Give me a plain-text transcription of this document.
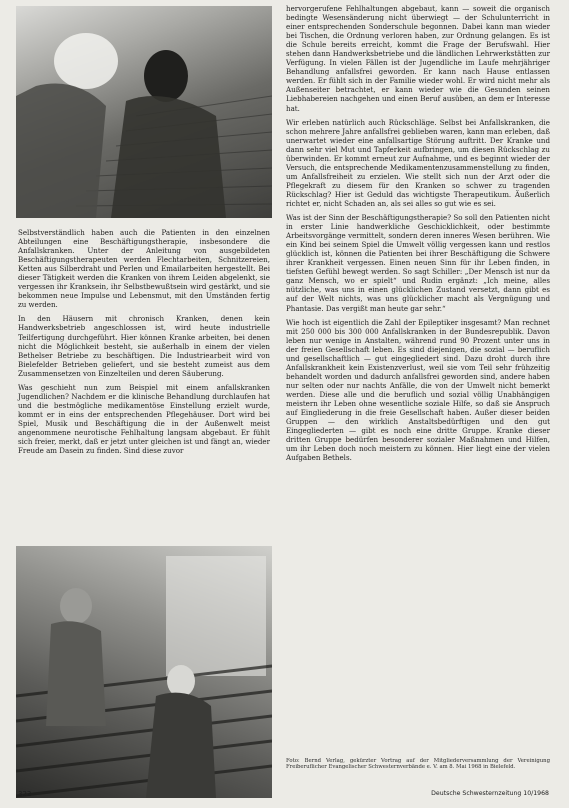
Selbstverständlich haben auch die Patienten in den einzelnen Abteilungen eine Beschäftigungstherapie, insbesondere die Anfallskranken. Unter der Anleitung von ausgebildeten Beschäftigungstherapeuten werden Flechtarbeiten, Schnitzereien, Ketten aus Silberdraht und Perlen und Emailarbeiten hergestellt. Bei dieser Tätigkeit werden die Kranken von ihrem Leiden abgelenkt, sie vergessen ihr Kranksein, ihr Selbstbewußtsein wird gestärkt, und sie bekommen neue Impulse und Lebensmut, mit den Umständen fertig zu werden.

In den Häusern mit chronisch Kranken, denen kein Handwerksbetrieb angeschlossen ist, wird heute industrielle Teilfertigung durchgeführt. Hier können Kranke arbeiten, bei denen nicht die Möglichkeit besteht, sie außerhalb in einem der vielen Bethelser Betriebe zu beschäftigen. Die Industriearbeit wird von Bielefelder Betrieben geliefert, und sie besteht zumeist aus dem Zusammensetzen von Einzelteilen und deren Säuberung.

Was geschieht nun zum Beispiel mit einem anfallskranken Jugendlichen? Nachdem er die klinische Behandlung durchlaufen hat und die bestmögliche medikamentöse Einstellung erzielt wurde, kommt er in eins der entsprechenden Pflegehäuser. Dort wird bei Spiel, Musik und Beschäftigung die in der Außenwelt meist angenommene neurotische Fehlhaltung langsam abgebaut. Er fühlt sich freier, merkt, daß er jetzt unter gleichen ist und fängt an, wieder Freude am Dasein zu finden. Sind diese zuvor

hervorgerufene Fehlhaltungen abgebaut, kann — soweit die organisch bedingte Wesensänderung nicht überwiegt — der Schulunterricht in einer entsprechenden Sonderschule begonnen. Dabei kann man wieder bei Tischen, die Ordnung verloren haben, zur Ordnung gelangen. Es ist die Schule bereits erreicht, kommt die Frage der Berufswahl. Hier stehen dann Handwerksbetriebe und die ländlichen Lehrwerkstätten zur Verfügung. In vielen Fällen ist der Jugendliche im Laufe mehrjähriger Behandlung anfallsfrei geworden. Er kann nach Hause entlassen werden. Er fühlt sich in der Familie wieder wohl. Er wird nicht mehr als Außenseiter betrachtet, er kann wieder wie die Gesunden seinen Liebhabereien nachgehen und einen Beruf ausüben, an dem er Interesse hat.

Wir erleben natürlich auch Rückschläge. Selbst bei Anfallskranken, die schon mehrere Jahre anfallsfrei geblieben waren, kann man erleben, daß unerwartet wieder eine anfallsartige Störung auftritt. Der Kranke und dann sehr viel Mut und Tapferkeit aufbringen, um diesen Rückschlag zu überwinden. Er kommt erneut zur Aufnahme, und es beginnt wieder der Versuch, die entsprechende Medikamentenzusammenstellung zu finden, um Anfallsfreiheit zu erzielen. Wie stellt sich nun der Arzt oder die Pflegekraft zu diesem für den Kranken so schwer zu tragenden Rückschlag? Hier ist Geduld das wichtigste Therapeutikum. Äußerlich richtet er, nicht Schaden an, als sei alles so gut wie es sei.

Was ist der Sinn der Beschäftigungstherapie? So soll den Patienten nicht in erster Linie handwerkliche Geschicklichkeit, oder bestimmte Arbeitsvorgänge vermittelt, sondern deren inneres Wesen berühren. Wie ein Kind bei seinem Spiel die Umwelt völlig vergessen kann und restlos glücklich ist, können die Patienten bei ihrer Beschäftigung die Schwere ihrer Krankheit vergessen. Einen neuen Sinn für ihr Leben finden, in tiefsten Gefühl bewegt werden. So sagt Schiller: „Der Mensch ist nur da ganz Mensch, wo er spielt“ und Rudin ergänzt: „Ich meine, alles nützliche, was uns in einen glücklichen Zustand versetzt, dann gibt es auf der Welt nichts, was uns glücklicher macht als Vergnügung und Phantasie. Das vergißt man heute gar sehr.“

Wie hoch ist eigentlich die Zahl der Epileptiker insgesamt? Man rechnet mit 250 000 bis 300 000 Anfallskranken in der Bundesrepublik. Davon leben nur wenige in Anstalten, während rund 90 Prozent unter uns in der freien Gesellschaft leben. Es sind diejenigen, die sozial — beruflich und gesellschaftlich — gut eingegliedert sind. Dazu droht durch ihre Anfallskrankheit kein Existenzverlust, weil sie vom Teil sehr frühzeitig behandelt worden und dadurch anfallsfrei geworden sind, andere haben nur selten oder nur nachts Anfälle, die von der Umwelt nicht bemerkt werden. Diese alle und die beruflich und sozial völlig Unabhängigen meistern ihr Leben ohne wesentliche soziale Hilfe, so daß sie Anspruch auf Eingliederung in die freie Gesellschaft haben. Außer dieser beiden Gruppen — den wirklich Anstaltsbedürftigen und den gut Eingegliederten — gibt es noch eine dritte Gruppe. Kranke dieser dritten Gruppe bedürfen besonderer sozialer Maßnahmen und Hilfen, um ihr Leben doch noch meistern zu können. Hier liegt eine der vielen Aufgaben Bethels.

Foto: Bernd Verlag, gekürzter Vortrag auf der Mitgliederversammlung der Vereinigung Freiberuflicher Evangelischer Schwesternverbände e. V. am 8. Mai 1968 in Bielefeld.
322	Deutsche Schwesternzeitung 10/1968
